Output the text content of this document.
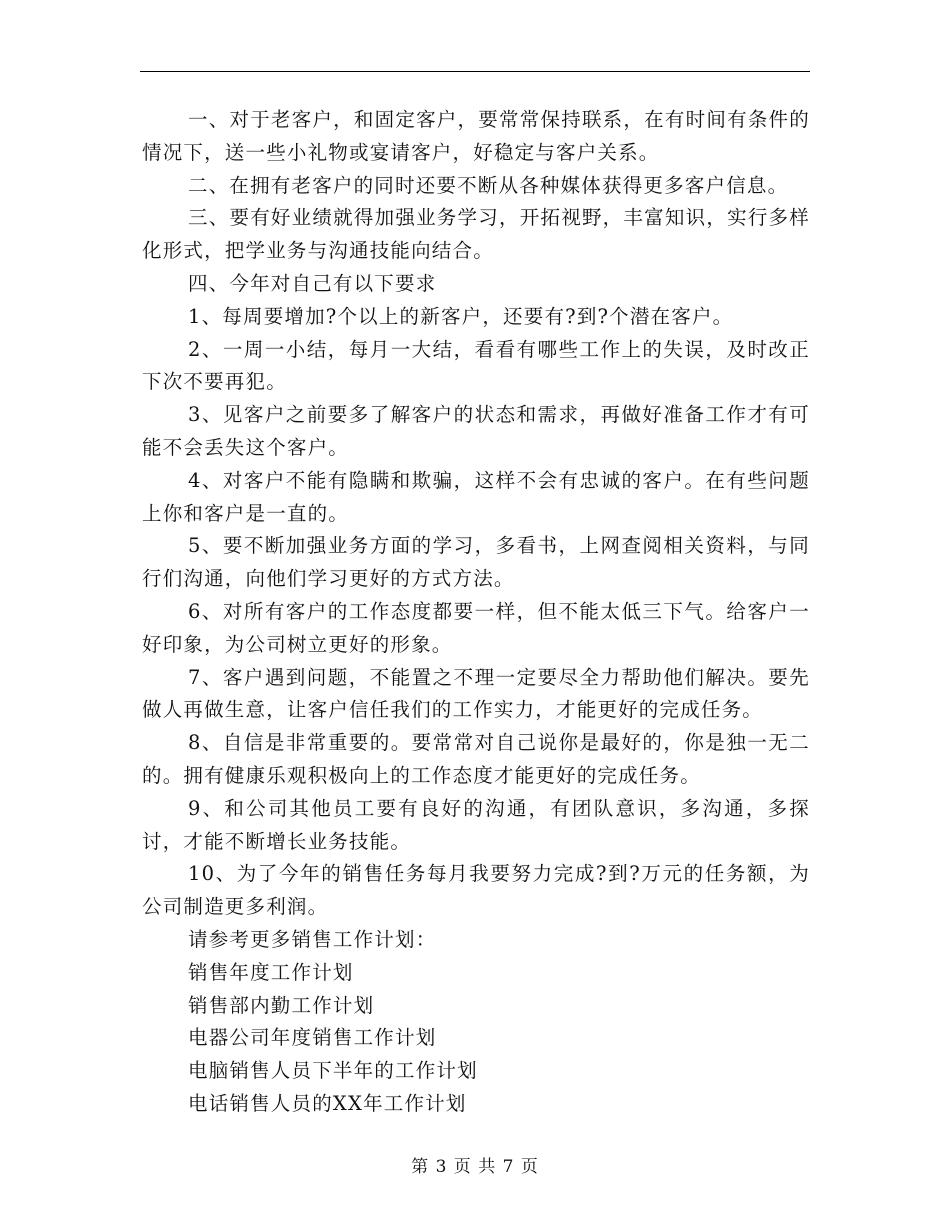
一、对于老客户，和固定客户，要常常保持联系，在有时间有条件的情况下，送一些小礼物或宴请客户，好稳定与客户关系。

二、在拥有老客户的同时还要不断从各种媒体获得更多客户信息。

三、要有好业绩就得加强业务学习，开拓视野，丰富知识，实行多样化形式，把学业务与沟通技能向结合。

四、今年对自己有以下要求

1、每周要增加?个以上的新客户，还要有?到?个潜在客户。

2、一周一小结，每月一大结，看看有哪些工作上的失误，及时改正下次不要再犯。

3、见客户之前要多了解客户的状态和需求，再做好准备工作才有可能不会丢失这个客户。

4、对客户不能有隐瞒和欺骗，这样不会有忠诚的客户。在有些问题上你和客户是一直的。

5、要不断加强业务方面的学习，多看书，上网查阅相关资料，与同行们沟通，向他们学习更好的方式方法。

6、对所有客户的工作态度都要一样，但不能太低三下气。给客户一好印象，为公司树立更好的形象。

7、客户遇到问题，不能置之不理一定要尽全力帮助他们解决。要先做人再做生意，让客户信任我们的工作实力，才能更好的完成任务。

8、自信是非常重要的。要常常对自己说你是最好的，你是独一无二的。拥有健康乐观积极向上的工作态度才能更好的完成任务。

9、和公司其他员工要有良好的沟通，有团队意识，多沟通，多探讨，才能不断增长业务技能。

10、为了今年的销售任务每月我要努力完成?到?万元的任务额，为公司制造更多利润。

请参考更多销售工作计划：

销售年度工作计划

销售部内勤工作计划

电器公司年度销售工作计划

电脑销售人员下半年的工作计划

电话销售人员的XX年工作计划

第 3 页 共 7 页
